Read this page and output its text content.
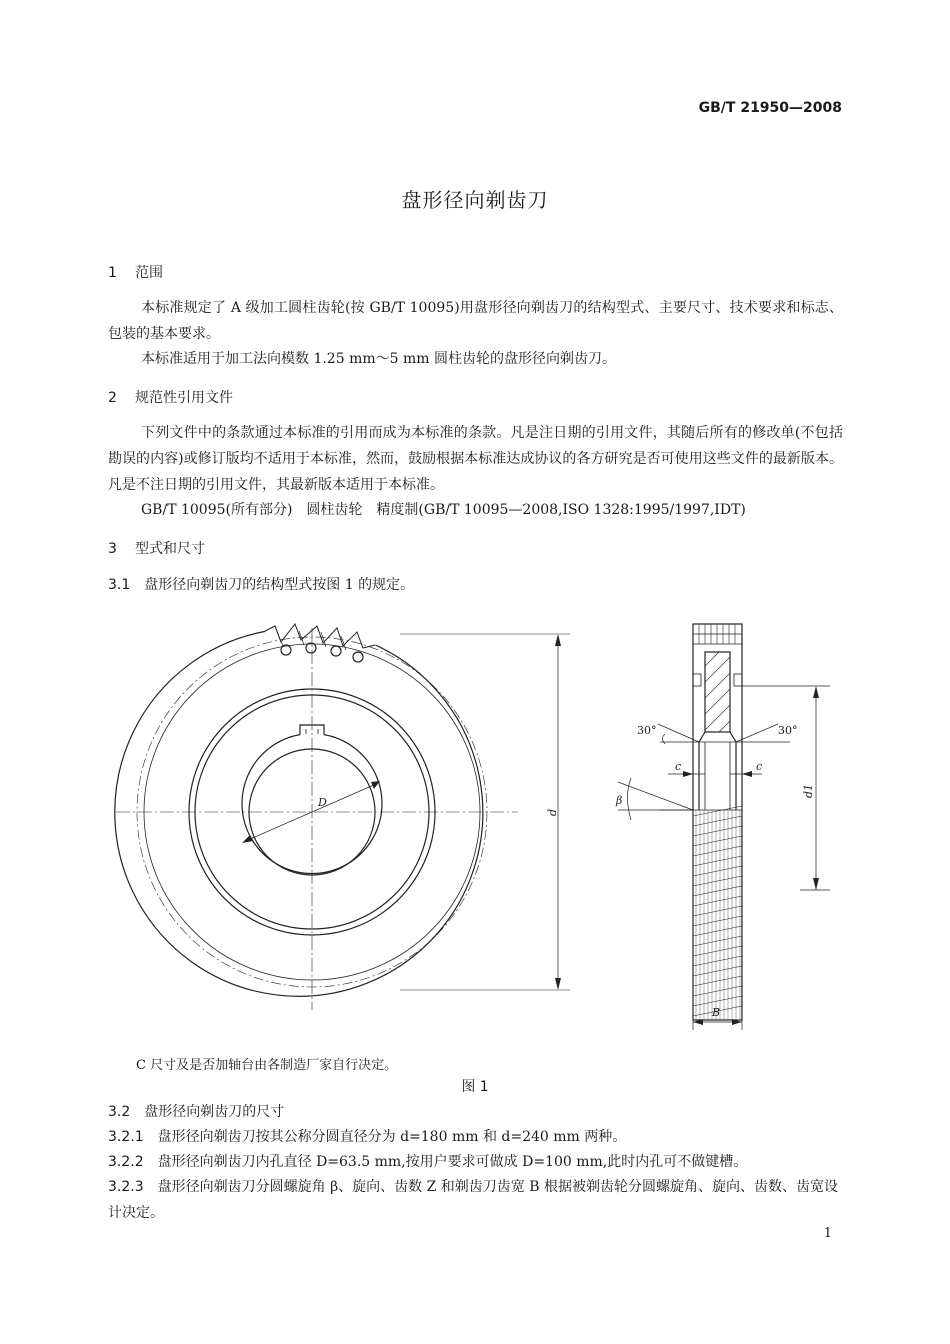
GB/T 21950—2008
盘形径向剃齿刀
1 范围
本标准规定了 A 级加工圆柱齿轮(按 GB/T 10095)用盘形径向剃齿刀的结构型式、主要尺寸、技术要求和标志、包装的基本要求。
本标准适用于加工法向模数 1.25 mm～5 mm 圆柱齿轮的盘形径向剃齿刀。
2 规范性引用文件
下列文件中的条款通过本标准的引用而成为本标准的条款。凡是注日期的引用文件，其随后所有的修改单(不包括勘误的内容)或修订版均不适用于本标准，然而，鼓励根据本标准达成协议的各方研究是否可使用这些文件的最新版本。凡是不注日期的引用文件，其最新版本适用于本标准。
GB/T 10095(所有部分)　圆柱齿轮　精度制(GB/T 10095—2008,ISO 1328:1995/1997,IDT)
3 型式和尺寸
3.1 盘形径向剃齿刀的结构型式按图 1 的规定。
D
d
d1
30°	30°
c	c
β
B
C 尺寸及是否加轴台由各制造厂家自行决定。
图 1
3.2 盘形径向剃齿刀的尺寸
3.2.1 盘形径向剃齿刀按其公称分圆直径分为 d=180 mm 和 d=240 mm 两种。
3.2.2 盘形径向剃齿刀内孔直径 D=63.5 mm,按用户要求可做成 D=100 mm,此时内孔可不做键槽。
3.2.3 盘形径向剃齿刀分圆螺旋角 β、旋向、齿数 Z 和剃齿刀齿宽 B 根据被剃齿轮分圆螺旋角、旋向、齿数、齿宽设计决定。
1
